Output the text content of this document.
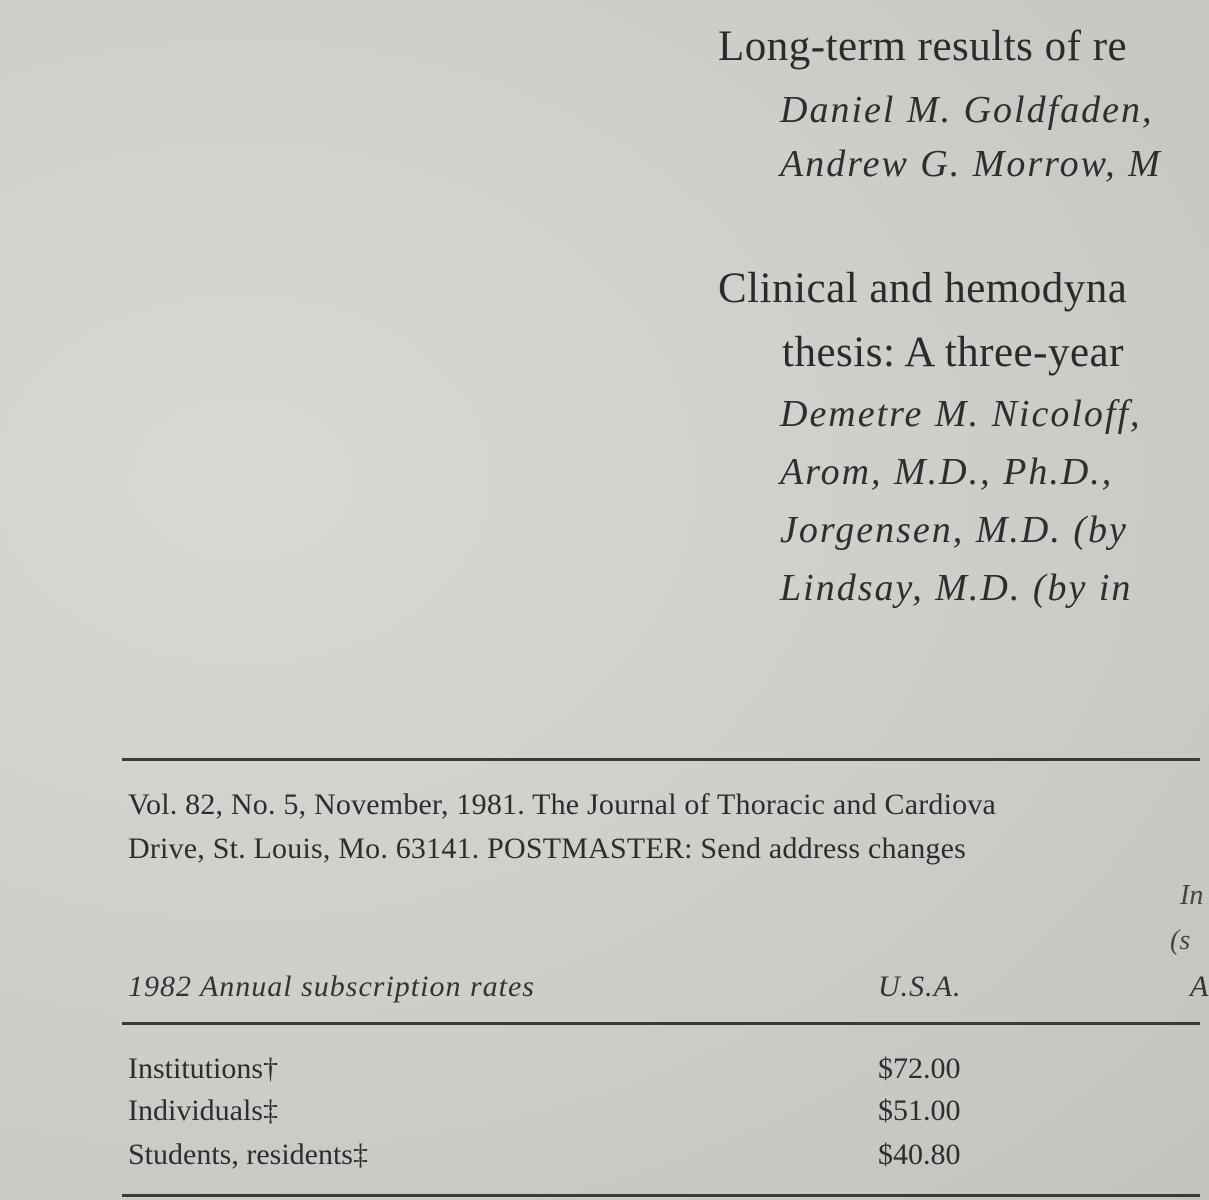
Long-term results of re
Daniel M. Goldfaden,
Andrew G. Morrow, M
Clinical and hemodyna
thesis: A three-year
Demetre M. Nicoloff,
Arom, M.D., Ph.D.,
Jorgensen, M.D. (by
Lindsay, M.D. (by in
Vol. 82, No. 5, November, 1981. The Journal of Thoracic and Cardiova
Drive, St. Louis, Mo. 63141. POSTMASTER: Send address changes
In
(s
1982 Annual subscription rates	U.S.A.	A
Institutions†	$72.00
Individuals‡	$51.00
Students, residents‡	$40.80
